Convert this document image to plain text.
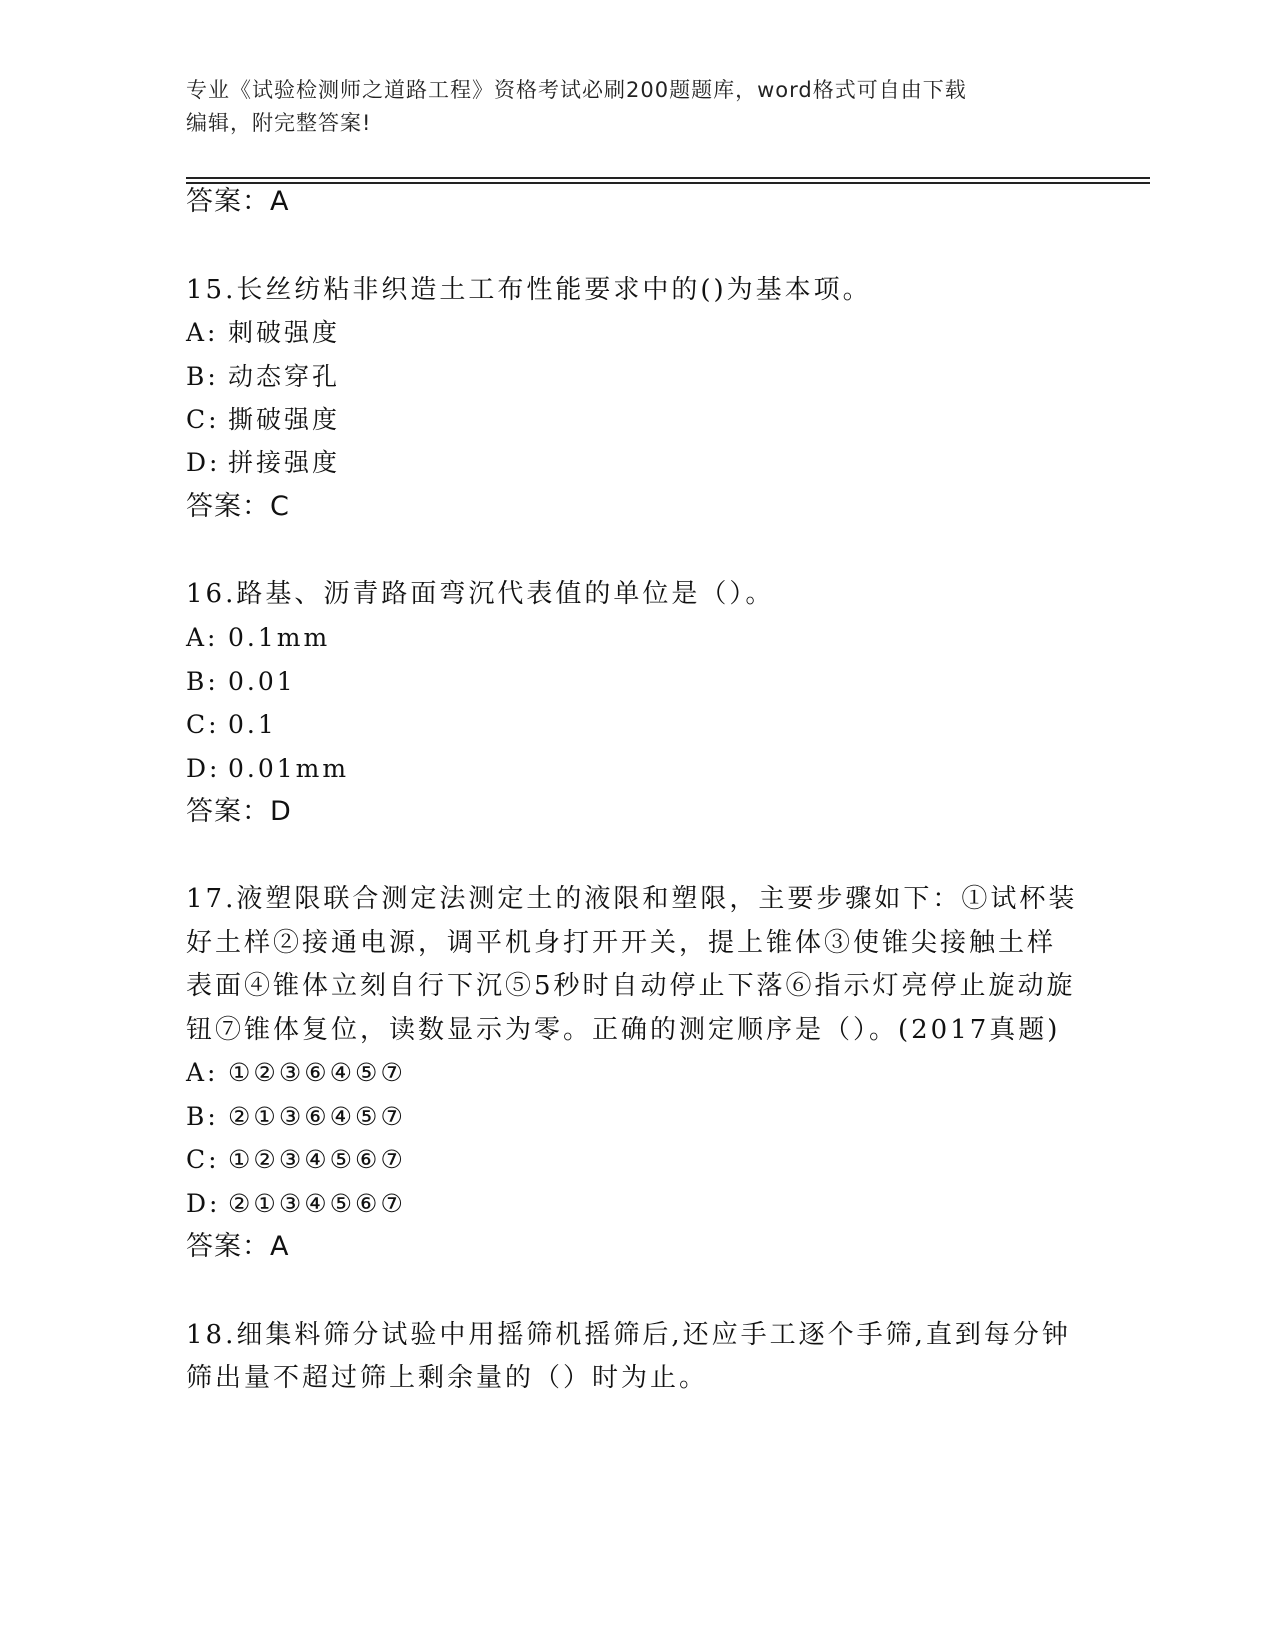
专业《试验检测师之道路工程》资格考试必刷200题题库，word格式可自由下载
编辑，附完整答案!
答案：A
15.长丝纺粘非织造土工布性能要求中的()为基本项。
A: 刺破强度
B: 动态穿孔
C: 撕破强度
D: 拼接强度
答案：C
16.路基、沥青路面弯沉代表值的单位是（）。
A: 0.1mm
B: 0.01
C: 0.1
D: 0.01mm
答案：D
17.液塑限联合测定法测定土的液限和塑限，主要步骤如下：①试杯装
好土样②接通电源，调平机身打开开关，提上锥体③使锥尖接触土样
表面④锥体立刻自行下沉⑤5秒时自动停止下落⑥指示灯亮停止旋动旋
钮⑦锥体复位，读数显示为零。正确的测定顺序是（）。(2017真题)
A: ①②③⑥④⑤⑦
B: ②①③⑥④⑤⑦
C: ①②③④⑤⑥⑦
D: ②①③④⑤⑥⑦
答案：A
18.细集料筛分试验中用摇筛机摇筛后,还应手工逐个手筛,直到每分钟
筛出量不超过筛上剩余量的（）时为止。
